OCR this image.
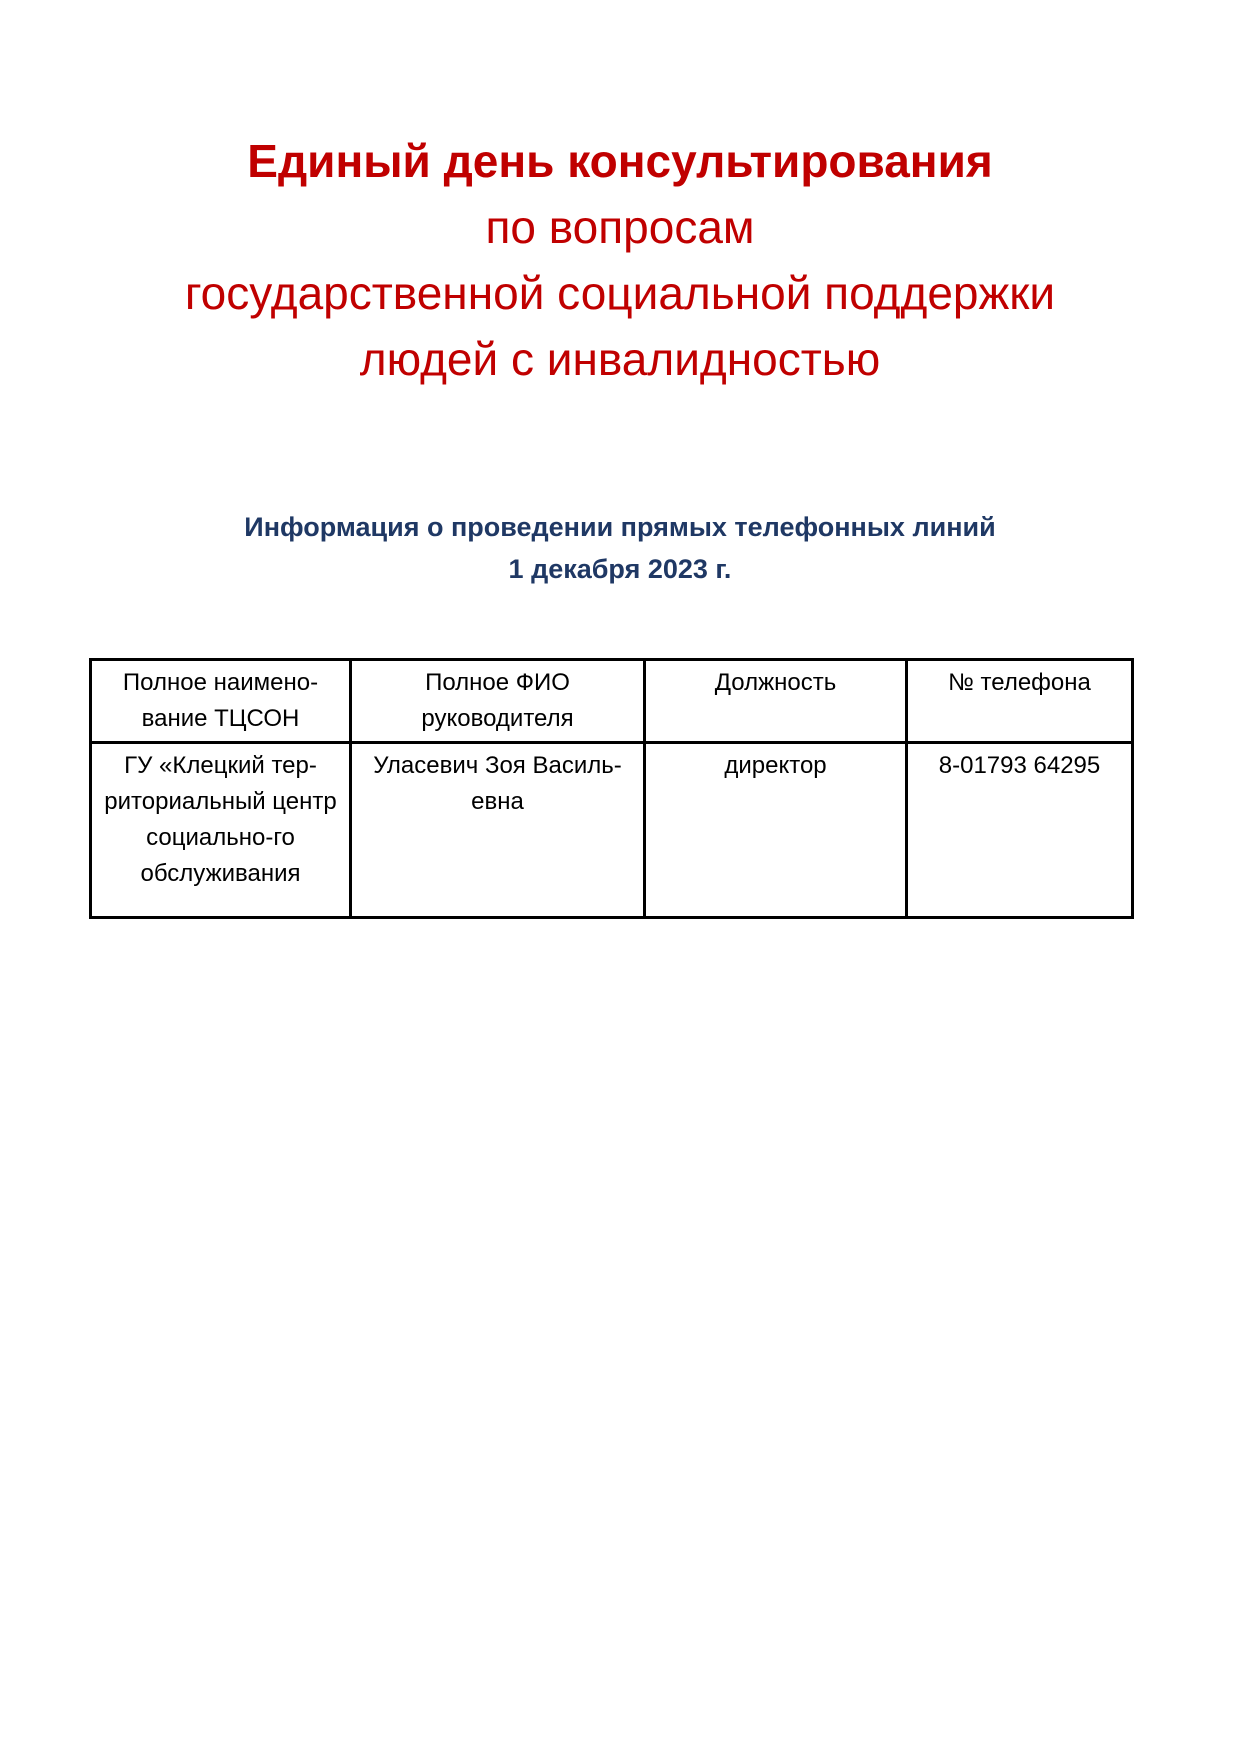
Единый день консультирования
по вопросам
государственной социальной поддержки
людей с инвалидностью
Информация о проведении прямых телефонных линий
1 декабря 2023 г.
Полное наимено-вание ТЦСОН	Полное ФИО руководителя	Должность	№ телефона
ГУ «Клецкий тер-риториальный центр социально-го обслуживания	Уласевич Зоя Василь-евна	директор	8-01793 64295
